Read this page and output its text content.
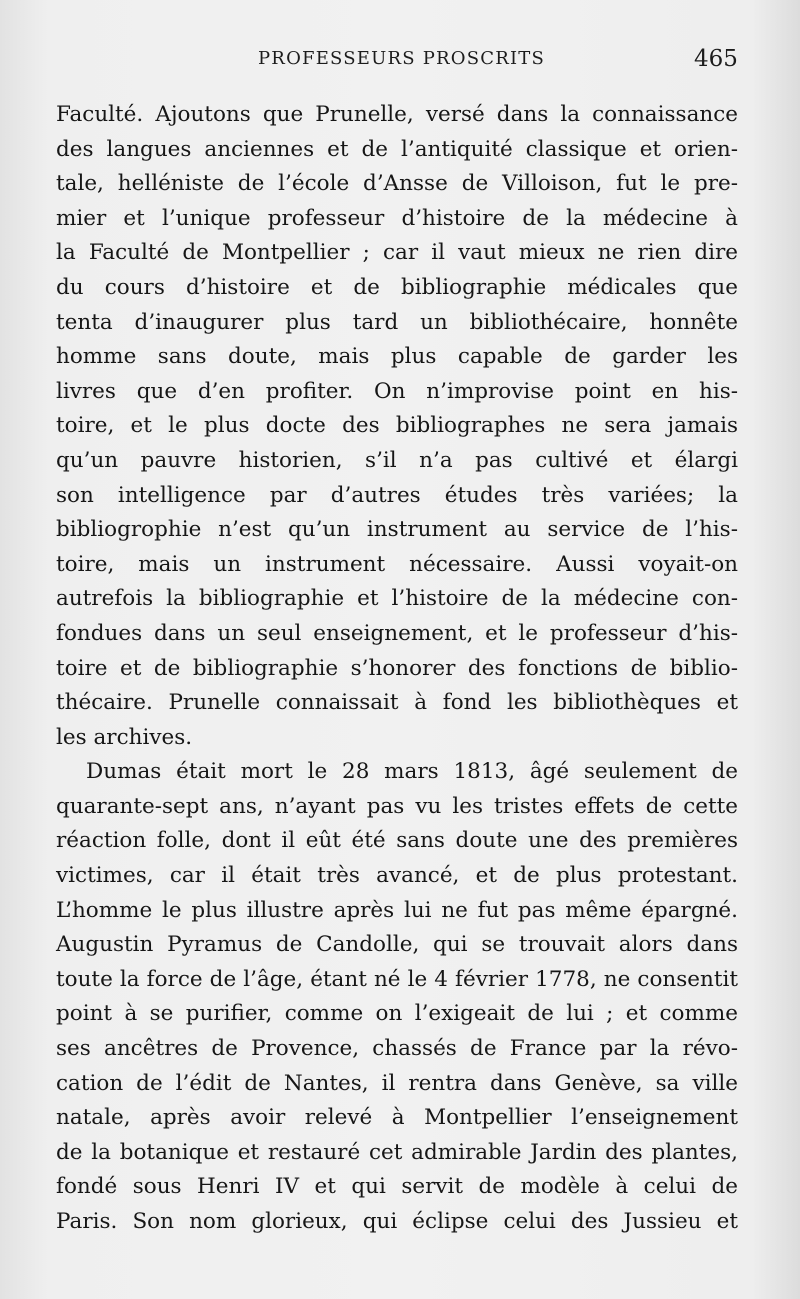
PROFESSEURS PROSCRITS	465
Faculté. Ajoutons que Prunelle, versé dans la connaissance
des langues anciennes et de l’antiquité classique et orien-
tale, helléniste de l’école d’Ansse de Villoison, fut le pre-
mier et l’unique professeur d’histoire de la médecine à
la Faculté de Montpellier ; car il vaut mieux ne rien dire
du cours d’histoire et de bibliographie médicales que
tenta d’inaugurer plus tard un bibliothécaire, honnête
homme sans doute, mais plus capable de garder les
livres que d’en profiter. On n’improvise point en his-
toire, et le plus docte des bibliographes ne sera jamais
qu’un pauvre historien, s’il n’a pas cultivé et élargi
son intelligence par d’autres études très variées; la
bibliogrophie n’est qu’un instrument au service de l’his-
toire, mais un instrument nécessaire. Aussi voyait-on
autrefois la bibliographie et l’histoire de la médecine con-
fondues dans un seul enseignement, et le professeur d’his-
toire et de bibliographie s’honorer des fonctions de biblio-
thécaire. Prunelle connaissait à fond les bibliothèques et
les archives.
Dumas était mort le 28 mars 1813, âgé seulement de
quarante-sept ans, n’ayant pas vu les tristes effets de cette
réaction folle, dont il eût été sans doute une des premières
victimes, car il était très avancé, et de plus protestant.
L’homme le plus illustre après lui ne fut pas même épargné.
Augustin Pyramus de Candolle, qui se trouvait alors dans
toute la force de l’âge, étant né le 4 février 1778, ne consentit
point à se purifier, comme on l’exigeait de lui ; et comme
ses ancêtres de Provence, chassés de France par la révo-
cation de l’édit de Nantes, il rentra dans Genève, sa ville
natale, après avoir relevé à Montpellier l’enseignement
de la botanique et restauré cet admirable Jardin des plantes,
fondé sous Henri IV et qui servit de modèle à celui de
Paris. Son nom glorieux, qui éclipse celui des Jussieu et
